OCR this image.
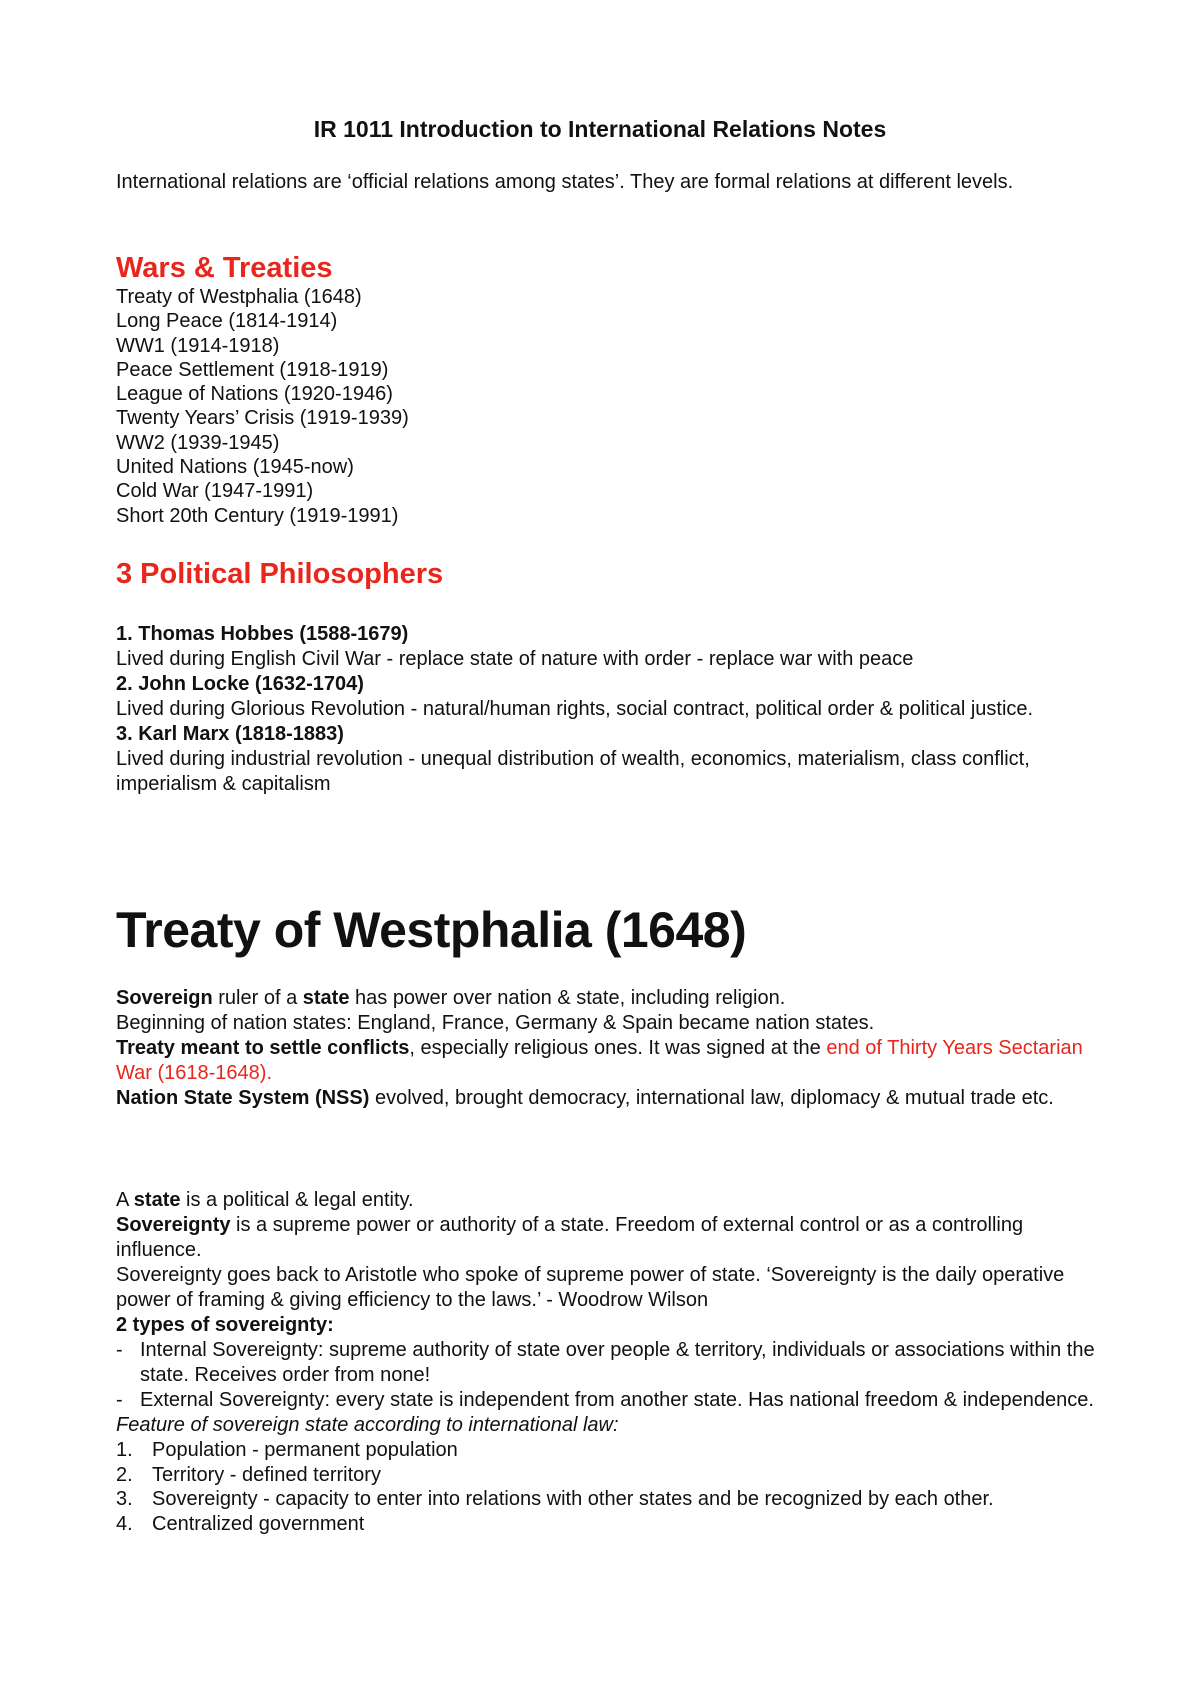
IR 1011 Introduction to International Relations Notes

International relations are ‘official relations among states’. They are formal relations at different levels.

Wars & Treaties
Treaty of Westphalia (1648)
Long Peace (1814-1914)
WW1 (1914-1918)
Peace Settlement (1918-1919)
League of Nations (1920-1946)
Twenty Years’ Crisis (1919-1939)
WW2 (1939-1945)
United Nations (1945-now)
Cold War (1947-1991)
Short 20th Century (1919-1991)
3 Political Philosophers

1. Thomas Hobbes (1588-1679)

Lived during English Civil War - replace state of nature with order - replace war with peace

2. John Locke (1632-1704)

Lived during Glorious Revolution - natural/human rights, social contract, political order & political justice.

3. Karl Marx (1818-1883)

Lived during industrial revolution - unequal distribution of wealth, economics, materialism, class conflict, imperialism & capitalism

Treaty of Westphalia (1648)

Sovereign ruler of a state has power over nation & state, including religion.

Beginning of nation states: England, France, Germany & Spain became nation states.

Treaty meant to settle conflicts, especially religious ones. It was signed at the end of Thirty Years Sectarian War (1618-1648).

Nation State System (NSS) evolved, brought democracy, international law, diplomacy & mutual trade etc.

A state is a political & legal entity.

Sovereignty is a supreme power or authority of a state. Freedom of external control or as a controlling influence.

Sovereignty goes back to Aristotle who spoke of supreme power of state. ‘Sovereignty is the daily operative power of framing & giving efficiency to the laws.’ - Woodrow Wilson

2 types of sovereignty:

- Internal Sovereignty: supreme authority of state over people & territory, individuals or associations within the state. Receives order from none!
- External Sovereignty: every state is independent from another state. Has national freedom & independence.

Feature of sovereign state according to international law:

1. Population - permanent population
2. Territory - defined territory
3. Sovereignty - capacity to enter into relations with other states and be recognized by each other.
4. Centralized government
